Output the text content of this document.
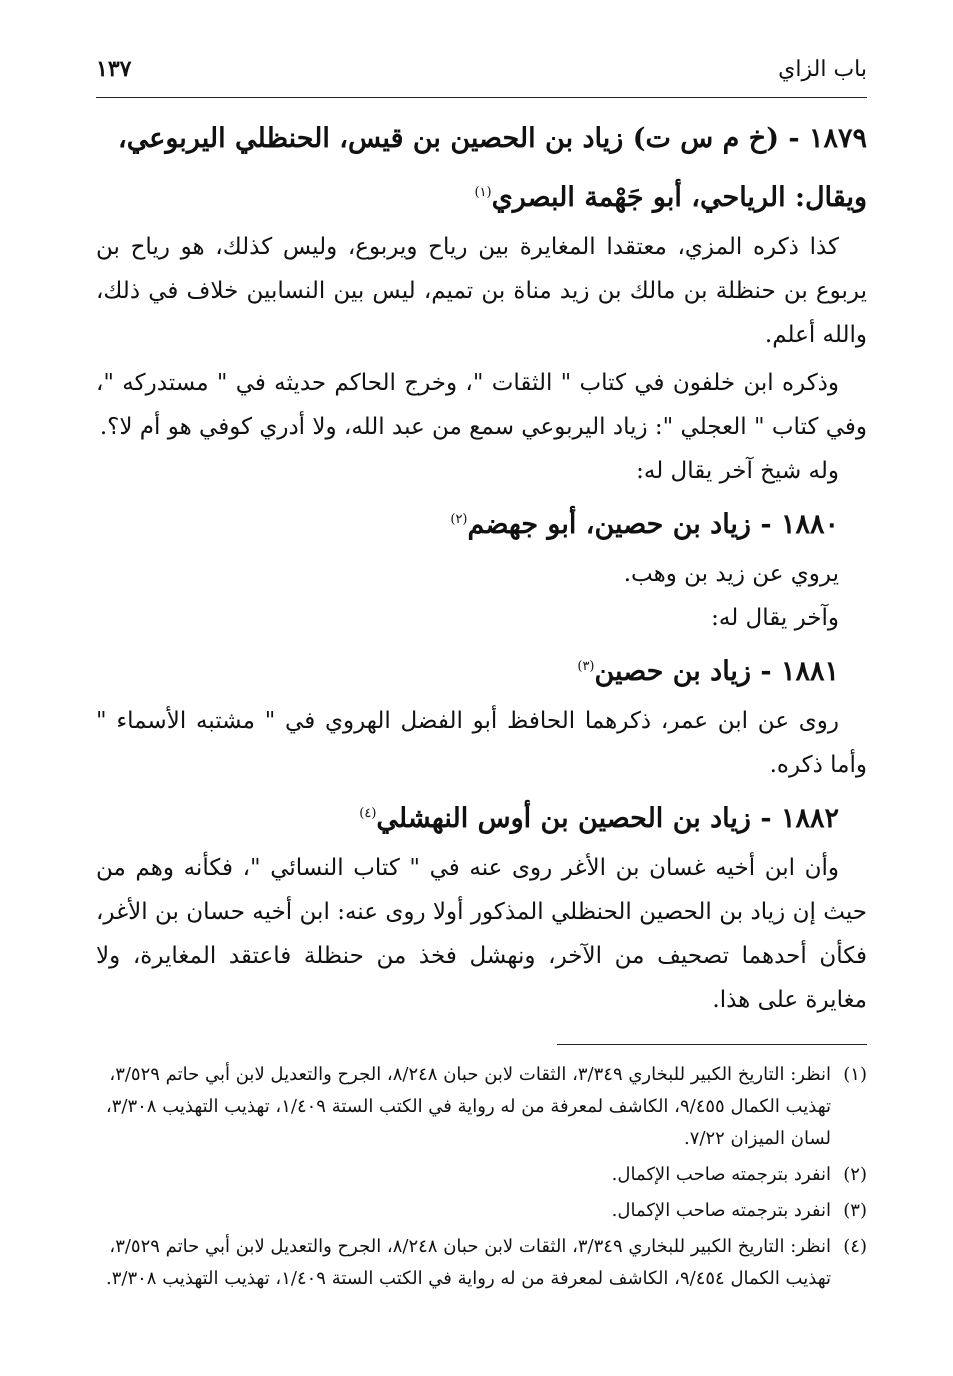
باب الزاي
١٣٧

١٨٧٩ - (خ م س ت) زياد بن الحصين بن قيس، الحنظلي اليربوعي، ويقال: الرياحي، أبو جَهْمة البصري$^{(١)}$

كذا ذكره المزي، معتقدا المغايرة بين رياح ويربوع، وليس كذلك، هو رياح بن يربوع بن حنظلة بن مالك بن زيد مناة بن تميم، ليس بين النسابين خلاف في ذلك، والله أعلم.

وذكره ابن خلفون في كتاب " الثقات "، وخرج الحاكم حديثه في " مستدركه "، وفي كتاب " العجلي ": زياد اليربوعي سمع من عبد الله، ولا أدري كوفي هو أم لا؟.

وله شيخ آخر يقال له:

١٨٨٠ - زياد بن حصين، أبو جهضم$^{(٢)}$

يروي عن زيد بن وهب.

وآخر يقال له:

١٨٨١ - زياد بن حصين$^{(٣)}$

روى عن ابن عمر، ذكرهما الحافظ أبو الفضل الهروي في " مشتبه الأسماء " وأما ذكره.

١٨٨٢ - زياد بن الحصين بن أوس النهشلي$^{(٤)}$

وأن ابن أخيه غسان بن الأغر روى عنه في " كتاب النسائي "، فكأنه وهم من حيث إن زياد بن الحصين الحنظلي المذكور أولا روى عنه: ابن أخيه حسان بن الأغر، فكأن أحدهما تصحيف من الآخر، ونهشل فخذ من حنظلة فاعتقد المغايرة، ولا مغايرة على هذا.

(١)انظر: التاريخ الكبير للبخاري ٣/٣٤٩، الثقات لابن حبان ٨/٢٤٨، الجرح والتعديل لابن أبي حاتم ٣/٥٢٩، تهذيب الكمال ٩/٤٥٥، الكاشف لمعرفة من له رواية في الكتب الستة ١/٤٠٩، تهذيب التهذيب ٣/٣٠٨، لسان الميزان ٧/٢٢.

(٢)انفرد بترجمته صاحب الإكمال.

(٣)انفرد بترجمته صاحب الإكمال.

(٤)انظر: التاريخ الكبير للبخاري ٣/٣٤٩، الثقات لابن حبان ٨/٢٤٨، الجرح والتعديل لابن أبي حاتم ٣/٥٢٩، تهذيب الكمال ٩/٤٥٤، الكاشف لمعرفة من له رواية في الكتب الستة ١/٤٠٩، تهذيب التهذيب ٣/٣٠٨.
